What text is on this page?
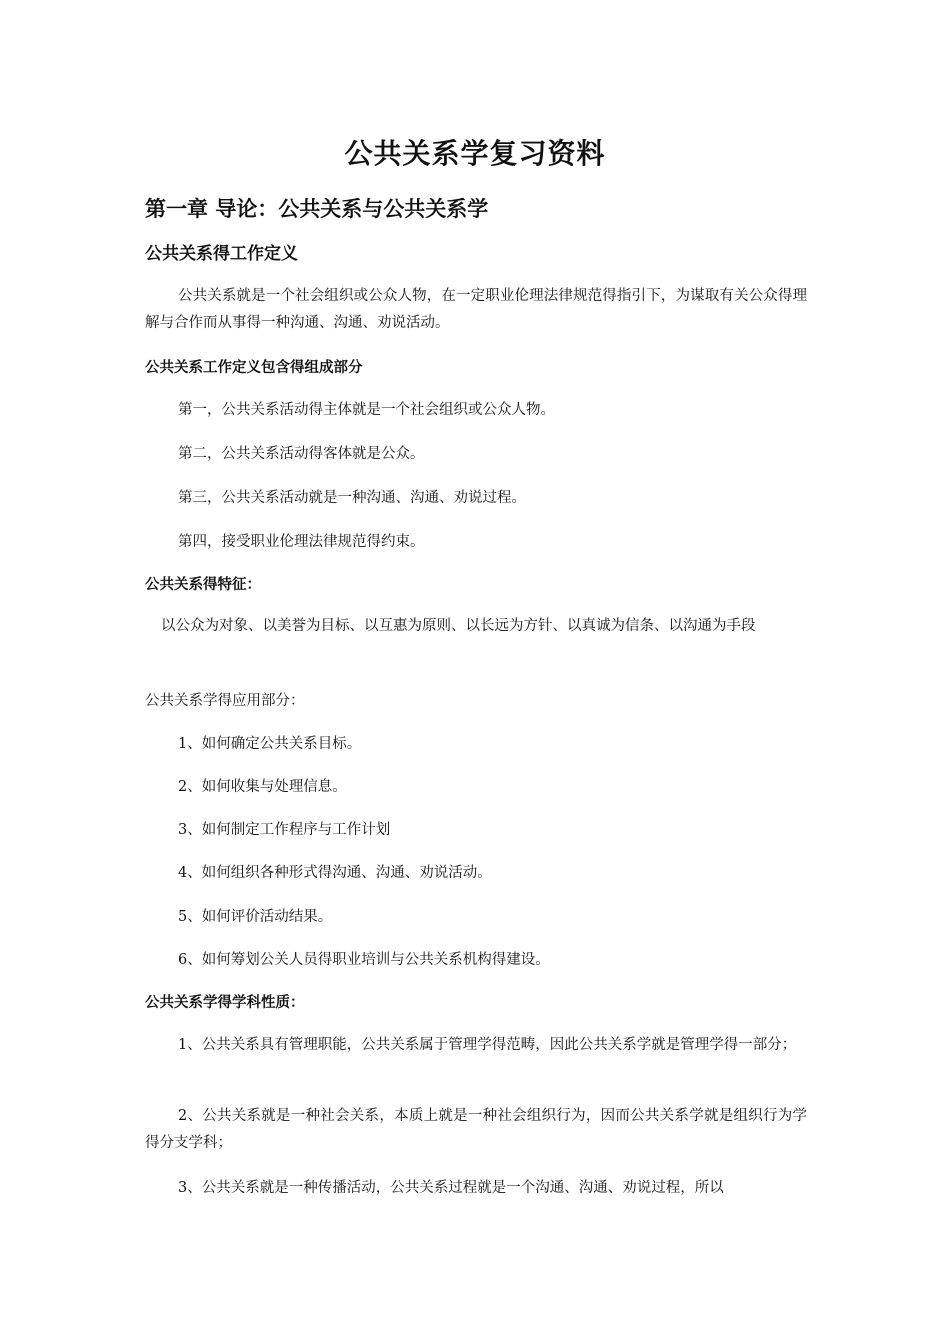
公共关系学复习资料
第一章 导论：公共关系与公共关系学
公共关系得工作定义
公共关系就是一个社会组织或公众人物，在一定职业伦理法律规范得指引下，为谋取有关公众得理解与合作而从事得一种沟通、沟通、劝说活动。
公共关系工作定义包含得组成部分
第一，公共关系活动得主体就是一个社会组织或公众人物。
第二，公共关系活动得客体就是公众。
第三，公共关系活动就是一种沟通、沟通、劝说过程。
第四，接受职业伦理法律规范得约束。
公共关系得特征：
以公众为对象、以美誉为目标、以互惠为原则、以长远为方针、以真诚为信条、以沟通为手段
公共关系学得应用部分：
1、如何确定公共关系目标。
2、如何收集与处理信息。
3、如何制定工作程序与工作计划
4、如何组织各种形式得沟通、沟通、劝说活动。
5、如何评价活动结果。
6、如何筹划公关人员得职业培训与公共关系机构得建设。
公共关系学得学科性质：
1、公共关系具有管理职能，公共关系属于管理学得范畴，因此公共关系学就是管理学得一部分；
2、公共关系就是一种社会关系，本质上就是一种社会组织行为，因而公共关系学就是组织行为学得分支学科；
3、公共关系就是一种传播活动，公共关系过程就是一个沟通、沟通、劝说过程，所以
